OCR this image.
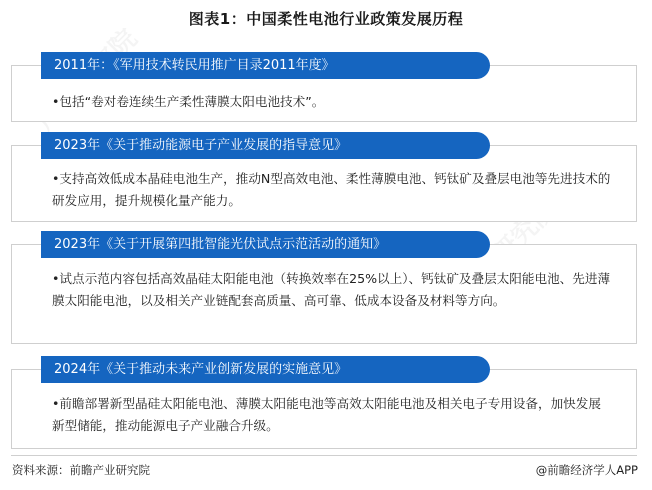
图表1：中国柔性电池行业政策发展历程
2011年：《军用技术转民用推广目录2011年度》
•包括“卷对卷连续生产柔性薄膜太阳电池技术”。
2023年《关于推动能源电子产业发展的指导意见》
•支持高效低成本晶硅电池生产，推动N型高效电池、柔性薄膜电池、钙钛矿及叠层电池等先进技术的研发应用，提升规模化量产能力。
2023年《关于开展第四批智能光伏试点示范活动的通知》
•试点示范内容包括高效晶硅太阳能电池（转换效率在25%以上）、钙钛矿及叠层太阳能电池、先进薄膜太阳能电池，以及相关产业链配套高质量、高可靠、低成本设备及材料等方向。
2024年《关于推动未来产业创新发展的实施意见》
•前瞻部署新型晶硅太阳能电池、薄膜太阳能电池等高效太阳能电池及相关电子专用设备，加快发展新型储能，推动能源电子产业融合升级。
资料来源：前瞻产业研究院	@前瞻经济学人APP
